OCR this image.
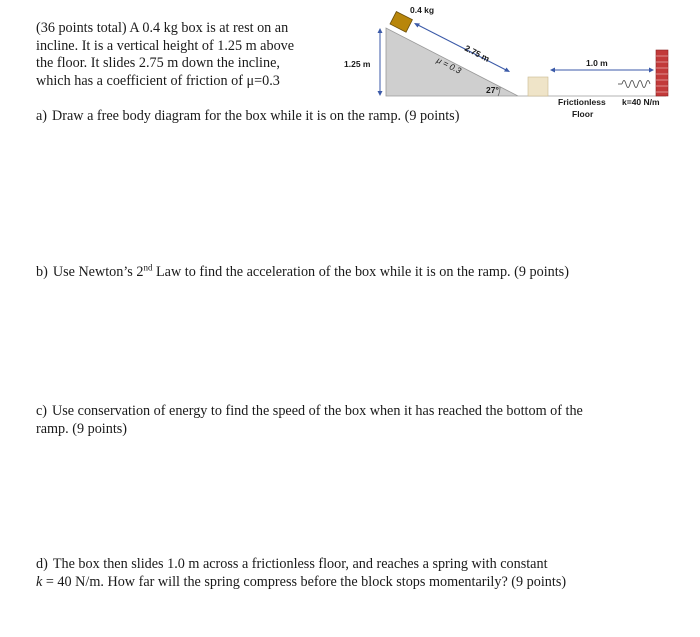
(36 points total) A 0.4 kg box is at rest on an
incline. It is a vertical height of 1.25 m above
the floor. It slides 2.75 m down the incline,
which has a coefficient of friction of μ=0.3
0.4 kg
1.25 m
2.75 m
μ = 0.3
27°
1.0 m
Frictionless
Floor
k=40 N/m
a) Draw a free body diagram for the box while it is on the ramp. (9 points)
b) Use Newton’s 2nd Law to find the acceleration of the box while it is on the ramp. (9 points)
c) Use conservation of energy to find the speed of the box when it has reached the bottom of the
ramp. (9 points)
d) The box then slides 1.0 m across a frictionless floor, and reaches a spring with constant
k = 40 N/m. How far will the spring compress before the block stops momentarily? (9 points)
